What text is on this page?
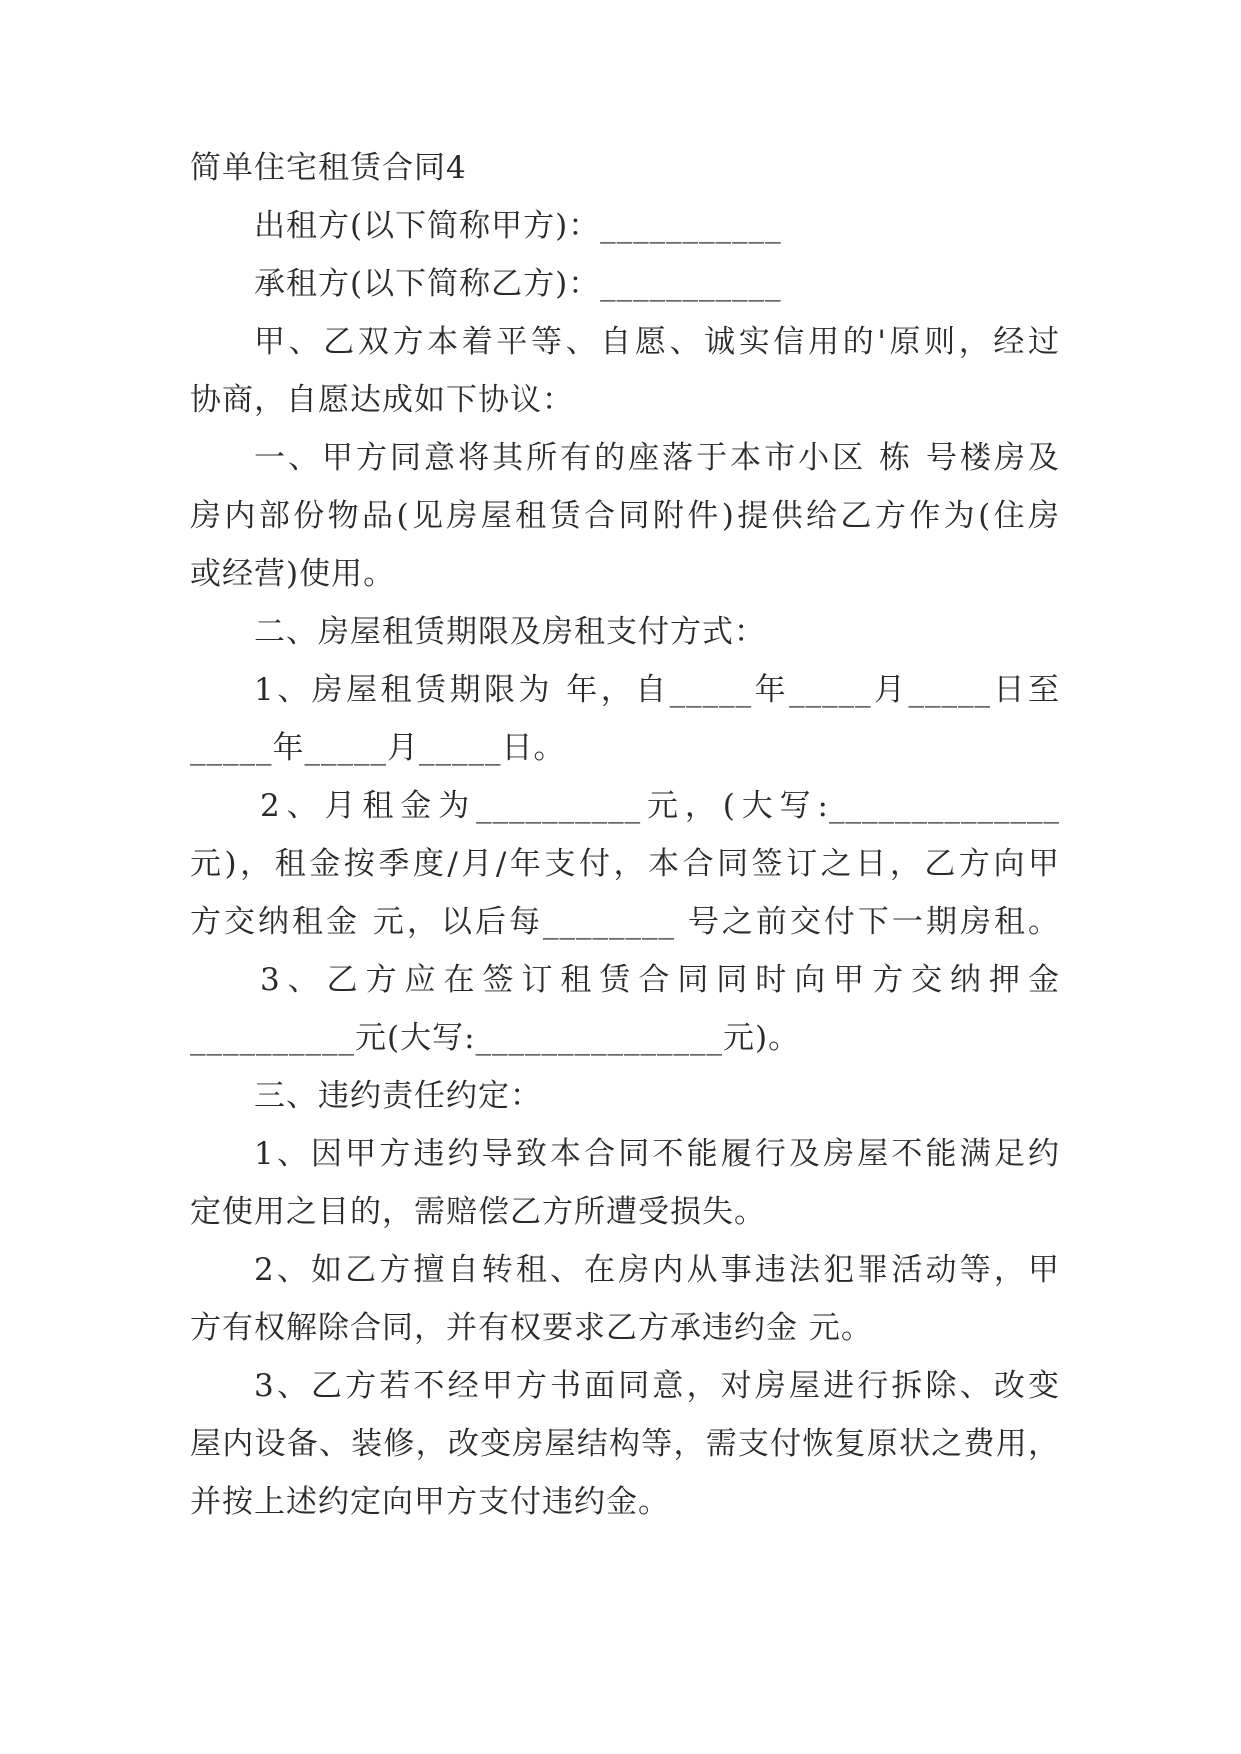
简单住宅租赁合同4
出租方(以下简称甲方)：___________
承租方(以下简称乙方)：___________
甲、乙双方本着平等、自愿、诚实信用的'原则，经过
协商，自愿达成如下协议：
一、甲方同意将其所有的座落于本市小区 栋 号楼房及
房内部份物品(见房屋租赁合同附件)提供给乙方作为(住房
或经营)使用。
二、房屋租赁期限及房租支付方式：
1、房屋租赁期限为 年，自_____年_____月_____日至
_____年_____月_____日。
2、月租金为__________元，(大写:______________
元)，租金按季度/月/年支付，本合同签订之日，乙方向甲
方交纳租金 元，以后每________ 号之前交付下一期房租。
3、乙方应在签订租赁合同同时向甲方交纳押金
__________元(大写:_______________元)。
三、违约责任约定：
1、因甲方违约导致本合同不能履行及房屋不能满足约
定使用之目的，需赔偿乙方所遭受损失。
2、如乙方擅自转租、在房内从事违法犯罪活动等，甲
方有权解除合同，并有权要求乙方承违约金 元。
3、乙方若不经甲方书面同意，对房屋进行拆除、改变
屋内设备、装修，改变房屋结构等，需支付恢复原状之费用，
并按上述约定向甲方支付违约金。
